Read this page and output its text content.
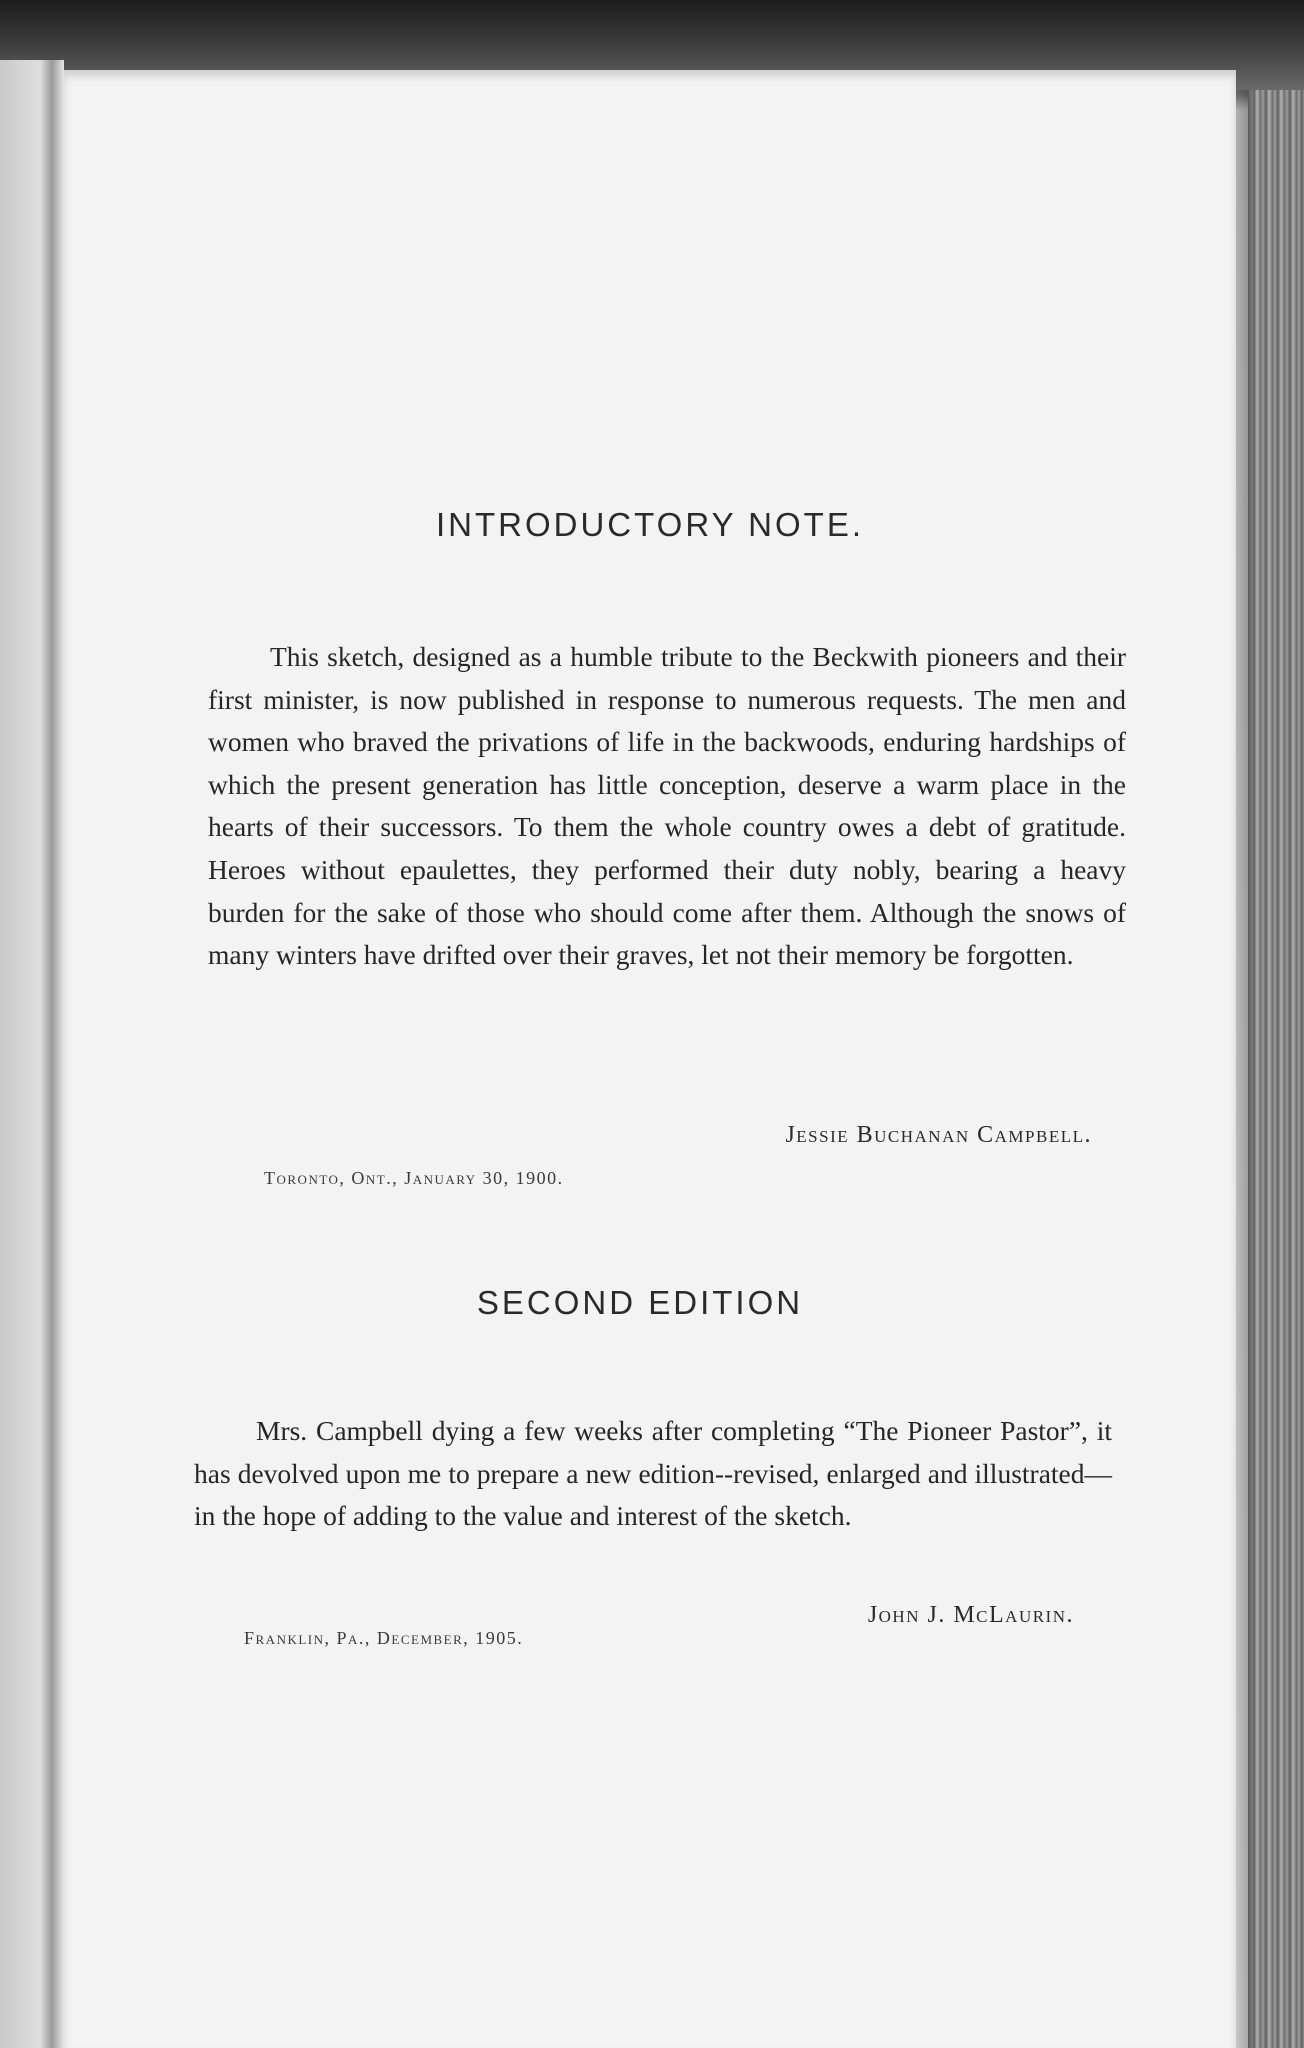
INTRODUCTORY NOTE.

This sketch, designed as a humble tribute to the Beckwith pioneers and their first minister, is now published in response to numerous requests. The men and women who braved the privations of life in the backwoods, enduring hardships of which the present generation has little conception, deserve a warm place in the hearts of their successors. To them the whole country owes a debt of gratitude. Heroes without epaulettes, they performed their duty nobly, bearing a heavy burden for the sake of those who should come after them. Although the snows of many winters have drifted over their graves, let not their memory be forgotten.

Jessie Buchanan Campbell.
Toronto, Ont., January 30, 1900.
SECOND EDITION

Mrs. Campbell dying a few weeks after completing “The Pioneer Pastor”, it has devolved upon me to prepare a new edition--revised, enlarged and illustrated—in the hope of adding to the value and interest of the sketch.

John J. McLaurin.
Franklin, Pa., December, 1905.
